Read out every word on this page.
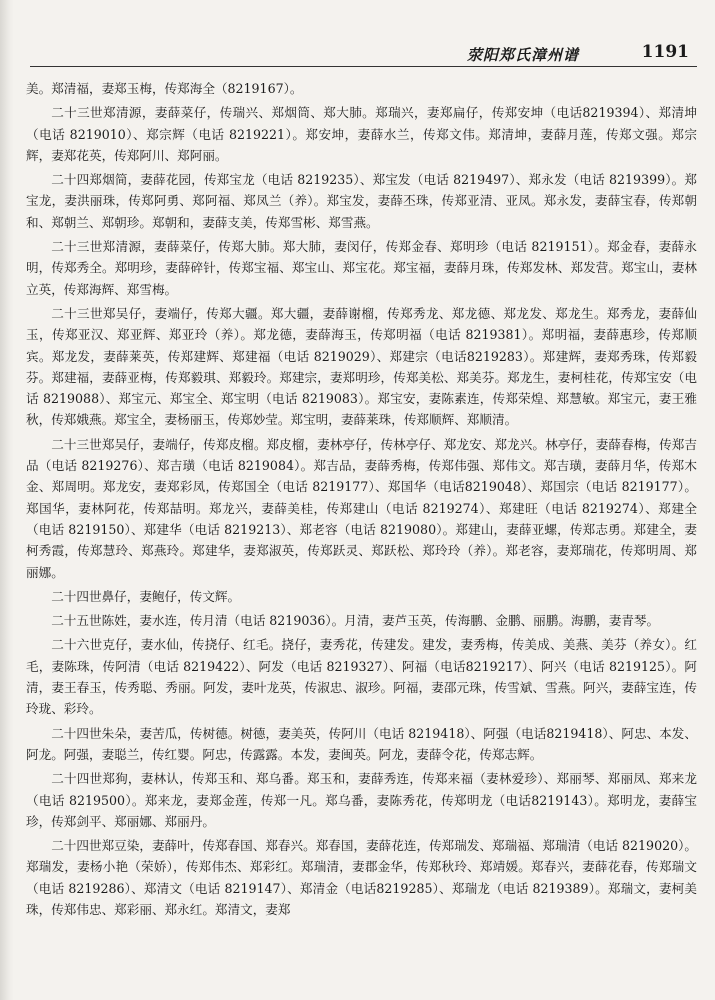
荥阳郑氏漳州谱	1191

美。郑清福，妻郑玉梅，传郑海全（8219167）。

二十三世郑清源，妻薛菜仔，传瑞兴、郑烟筒、郑大肺。郑瑞兴，妻郑扁仔，传郑安坤（电话8219394）、郑清坤（电话 8219010）、郑宗辉（电话 8219221）。郑安坤，妻薛水兰，传郑文伟。郑清坤，妻薛月莲，传郑文强。郑宗辉，妻郑花英，传郑阿川、郑阿丽。

二十四郑烟简，妻薛花园，传郑宝龙（电话 8219235）、郑宝发（电话 8219497）、郑永发（电话 8219399）。郑宝龙，妻洪丽珠，传郑阿勇、郑阿福、郑凤兰（养）。郑宝发，妻薛丕珠，传郑亚清、亚凤。郑永发，妻薛宝春，传郑朝和、郑朝兰、郑朝珍。郑朝和，妻薛支美，传郑雪彬、郑雪燕。

二十三世郑清源，妻薛菜仔，传郑大肺。郑大肺，妻闵仔，传郑金春、郑明珍（电话 8219151）。郑金春，妻薛永明，传郑秀全。郑明珍，妻薛碎针，传郑宝福、郑宝山、郑宝花。郑宝福，妻薛月珠，传郑发林、郑发营。郑宝山，妻林立英，传郑海辉、郑雪梅。

二十三世郑吴仔，妻端仔，传郑大疆。郑大疆，妻薛谢榴，传郑秀龙、郑龙德、郑龙发、郑龙生。郑秀龙，妻薛仙玉，传郑亚汉、郑亚辉、郑亚玲（养）。郑龙德，妻薛海玉，传郑明福（电话 8219381）。郑明福，妻薛惠珍，传郑顺宾。郑龙发，妻薛莱英，传郑建辉、郑建福（电话 8219029）、郑建宗（电话8219283）。郑建辉，妻郑秀珠，传郑毅芬。郑建福，妻薛亚梅，传郑毅琪、郑毅玲。郑建宗，妻郑明珍，传郑美松、郑美芬。郑龙生，妻柯桂花，传郑宝安（电话 8219088）、郑宝元、郑宝全、郑宝明（电话 8219083）。郑宝安，妻陈素连，传郑荣煌、郑慧敏。郑宝元，妻王雅秋，传郑娥燕。郑宝全，妻杨丽玉，传郑妙莹。郑宝明，妻薛莱珠，传郑顺辉、郑顺清。

二十三世郑吴仔，妻端仔，传郑皮榴。郑皮榴，妻林亭仔，传林亭仔、郑龙安、郑龙兴。林亭仔，妻薛春梅，传郑吉品（电话 8219276）、郑吉璜（电话 8219084）。郑吉品，妻薛秀梅，传郑伟强、郑伟文。郑吉璜，妻薛月华，传郑木金、郑周明。郑龙安，妻郑彩凤，传郑国全（电话 8219177）、郑国华（电话8219048）、郑国宗（电话 8219177）。郑国华，妻林阿花，传郑喆明。郑龙兴，妻薛美桂，传郑建山（电话 8219274）、郑建旺（电话 8219274）、郑建全（电话 8219150）、郑建华（电话 8219213）、郑老容（电话 8219080）。郑建山，妻薛亚螺，传郑志勇。郑建全，妻柯秀霞，传郑慧玲、郑燕玲。郑建华，妻郑淑英，传郑跃灵、郑跃松、郑玲玲（养）。郑老容，妻郑瑞花，传郑明周、郑丽娜。

二十四世鼻仔，妻鲍仔，传文辉。

二十五世陈姓，妻水连，传月清（电话 8219036）。月清，妻芦玉英，传海鹏、金鹏、丽鹏。海鹏，妻青琴。

二十六世克仔，妻水仙，传挠仔、红毛。挠仔，妻秀花，传建发。建发，妻秀梅，传美成、美燕、美芬（养女）。红毛，妻陈珠，传阿清（电话 8219422）、阿发（电话 8219327）、阿福（电话8219217）、阿兴（电话 8219125）。阿清，妻王春玉，传秀聪、秀丽。阿发，妻叶龙英，传淑忠、淑珍。阿福，妻邵元珠，传雪斌、雪燕。阿兴，妻薛宝连，传玲珑、彩玲。

二十四世朱朵，妻苦瓜，传树德。树德，妻美英，传阿川（电话 8219418）、阿强（电话8219418）、阿忠、本发、阿龙。阿强，妻聪兰，传红婴。阿忠，传露露。本发，妻闽英。阿龙，妻薛令花，传郑志辉。

二十四世郑狗，妻林认，传郑玉和、郑乌番。郑玉和，妻薛秀连，传郑来福（妻林爱珍）、郑丽琴、郑丽凤、郑来龙（电话 8219500）。郑来龙，妻郑金莲，传郑一凡。郑乌番，妻陈秀花，传郑明龙（电话8219143）。郑明龙，妻薛宝珍，传郑剑平、郑丽娜、郑丽丹。

二十四世郑豆染，妻薛叶，传郑春国、郑春兴。郑春国，妻薛花连，传郑瑞发、郑瑞福、郑瑞清（电话 8219020）。郑瑞发，妻杨小艳（荣娇），传郑伟杰、郑彩红。郑瑞清，妻郡金华，传郑秋玲、郑靖媛。郑春兴，妻薛花春，传郑瑞文（电话 8219286）、郑清文（电话 8219147）、郑清金（电话8219285）、郑瑞龙（电话 8219389）。郑瑞文，妻柯美珠，传郑伟忠、郑彩丽、郑永红。郑清文，妻郑
